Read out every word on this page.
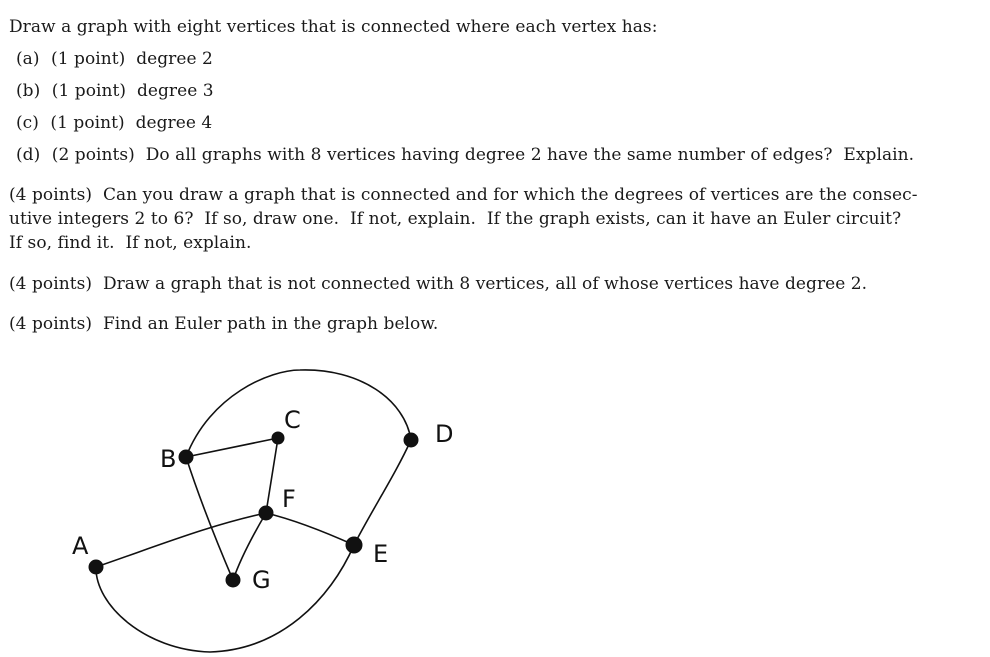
Draw a graph with eight vertices that is connected where each vertex has:
(a) (1 point)  degree 2
(b) (1 point)  degree 3
(c) (1 point)  degree 4
(d) (2 points)  Do all graphs with 8 vertices having degree 2 have the same number of edges?  Explain.
(4 points)  Can you draw a graph that is connected and for which the degrees of vertices are the consec-
utive integers 2 to 6?  If so, draw one.  If not, explain.  If the graph exists, can it have an Euler circuit?
If so, find it.  If not, explain.
(4 points)  Draw a graph that is not connected with 8 vertices, all of whose vertices have degree 2.
(4 points)  Find an Euler path in the graph below.
A
B
C	D
E
F
G
